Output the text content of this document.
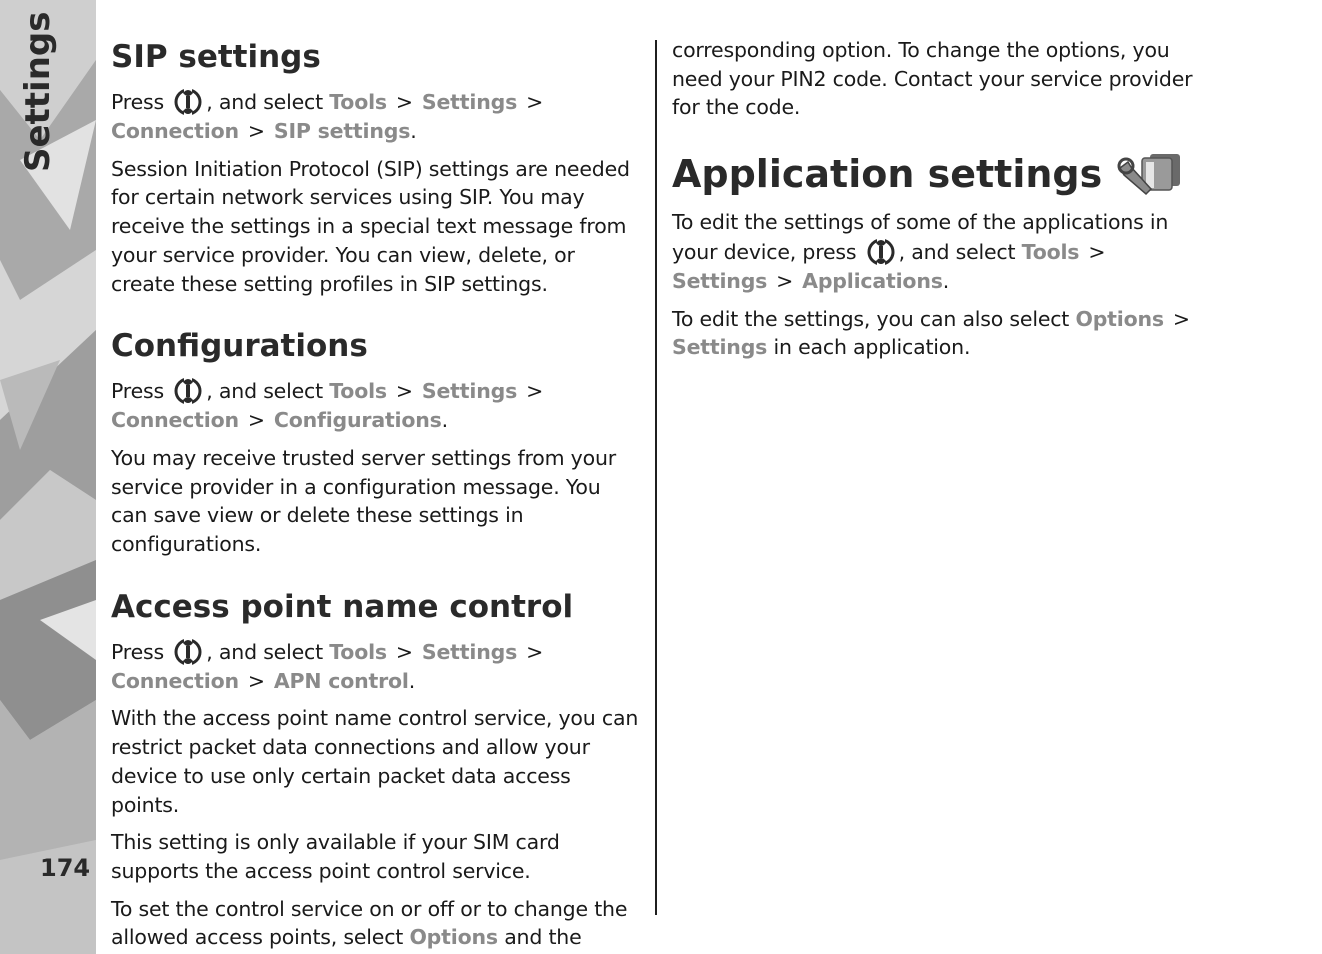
Settings
174
SIP settings

Press , and select Tools > Settings >
Connection > SIP settings.

Session Initiation Protocol (SIP) settings are needed for certain network services using SIP. You may receive the settings in a special text message from your service provider. You can view, delete, or create these setting profiles in SIP settings.

Configurations

Press , and select Tools > Settings >
Connection > Configurations.

You may receive trusted server settings from your service provider in a configuration message. You can save view or delete these settings in configurations.

Access point name control

Press , and select Tools > Settings >
Connection > APN control.

With the access point name control service, you can restrict packet data connections and allow your device to use only certain packet data access points.

This setting is only available if your SIM card supports the access point control service.

To set the control service on or off or to change the allowed access points, select Options and the

corresponding option. To change the options, you need your PIN2 code. Contact your service provider for the code.

Application settings

To edit the settings of some of the applications in your device, press , and select Tools >
Settings > Applications.

To edit the settings, you can also select Options >
Settings in each application.
